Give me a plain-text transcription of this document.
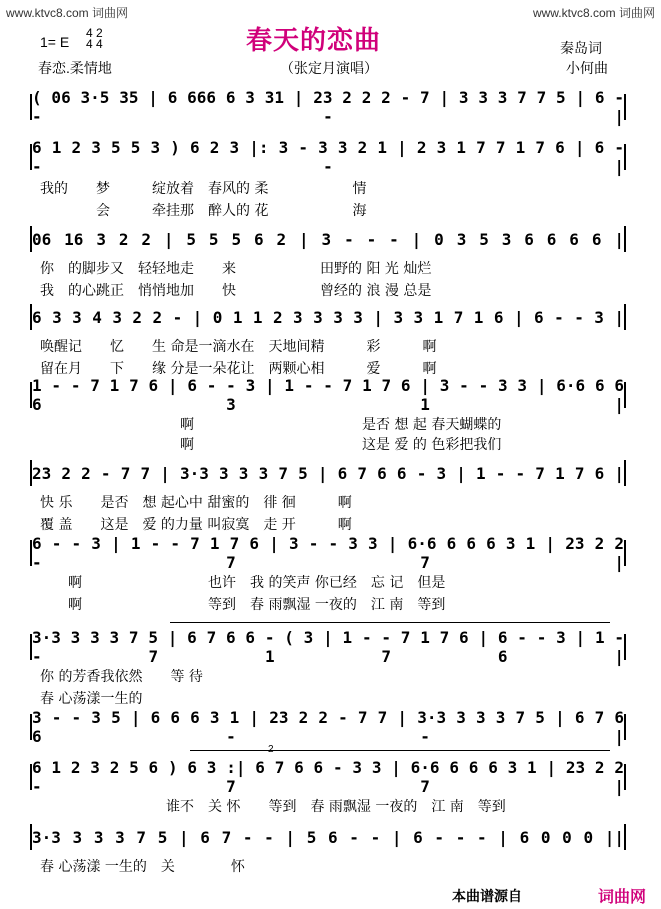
www.ktvc8.com 词曲网	www.ktvc8.com 词曲网
春天的恋曲
1= E
4 2
4 4
春恋.柔情地	（张定月演唱）
秦岛词
小何曲
( 06 3·5 35 | 6 666 6 3 31 | 23 2 2 2 - 7 | 3 3 3 7 7 5 | 6 - - - |
6 1 2 3 5 5 3 ) 6 2 3 |: 3 - 3 3 2 1 | 2 3 1 7 7 1 7 6 | 6 - - - |
我的　　梦　　　绽放着　春风的 柔　　　　　　情
　　　　会　　　牵挂那　醉人的 花　　　　　　海
06 16 3 2 2 | 5 5 5 6 2 | 3 - - - | 0 3 5 3 6 6 6 6 |
你　的脚步又　轻轻地走　　来　　　　　　田野的 阳 光 灿烂
我　的心跳正　悄悄地加　　快　　　　　　曾经的 浪 漫 总是
6 3 3 4 3 2 2 - | 0 1 1 2 3 3 3 3 | 3 3 1 7 1 6 | 6 - - 3 |
唤醒记　　忆　　生 命是一滴水在　天地间精　　　彩　　　啊
留在月　　下　　缘 分是一朵花让　两颗心相　　　爱　　　啊
1 - - 7 1 7 6 | 6 - - 3 | 1 - - 7 1 7 6 | 3 - - 3 3 | 6·6 6 6 6 3 1 |
　　　　　　　　　　啊　　　　　　　　　　　　是否 想 起 春天蝴蝶的
　　　　　　　　　　啊　　　　　　　　　　　　这是 爱 的 色彩把我们
23 2 2 - 7 7 | 3·3 3 3 3 7 5 | 6 7 6 6 - 3 | 1 - - 7 1 7 6 |
快 乐　　是否　想 起心中 甜蜜的　徘 徊　　　啊
覆 盖　　这是　爱 的力量 叫寂寞　走 开　　　啊
6 - - 3 | 1 - - 7 1 7 6 | 3 - - 3 3 | 6·6 6 6 6 3 1 | 23 2 2 - 7 7 |
　　啊　　　　　　　　　也许　我 的笑声 你已经　忘 记　但是
　　啊　　　　　　　　　等到　春 雨飘湿 一夜的　江 南　等到
3·3 3 3 3 7 5 | 6 7 6 6 - ( 3 | 1 - - 7 1 7 6 | 6 - - 3 | 1 - - 7 1 7 6 |
你 的芳香我依然　　等 待
春 心荡漾一生的
3 - - 3 5 | 6 6 6 3 1 | 23 2 2 - 7 7 | 3·3 3 3 3 7 5 | 6 7 6 6 - - |
2
6 1 2 3 2 5 6 ) 6 3 :| 6 7 6 6 - 3 3 | 6·6 6 6 6 3 1 | 23 2 2 - 7 7 |
　　　　　　　　　谁不　关 怀　　等到　春 雨飘湿 一夜的　江 南　等到
3·3 3 3 3 7 5 | 6 7 - - | 5 6 - - | 6 - - - | 6 0 0 0 ||
春 心荡漾 一生的　关　　　　怀
本曲谱源自	词曲网
